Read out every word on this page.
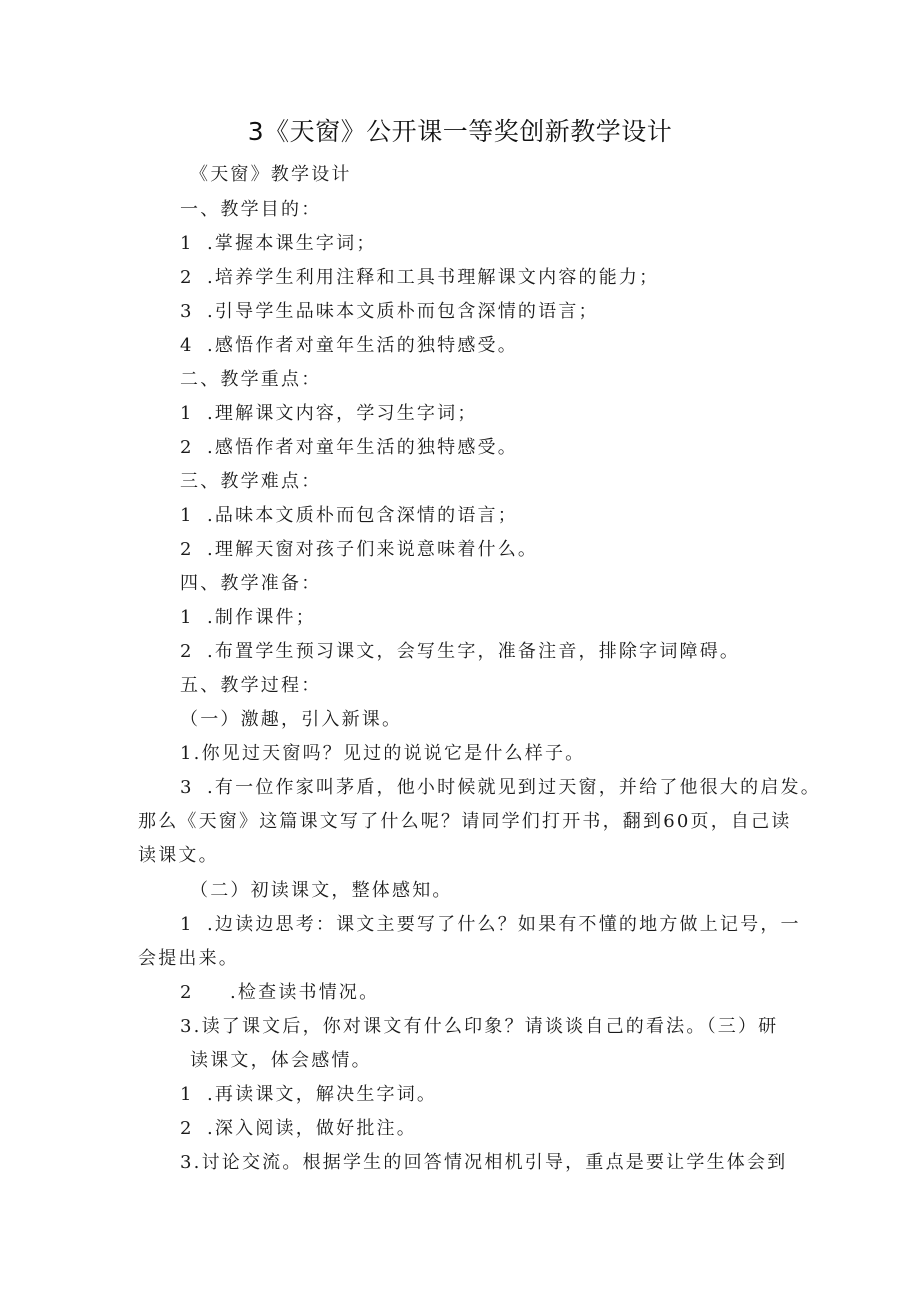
3《天窗》公开课一等奖创新教学设计
《天窗》教学设计
一、教学目的：
1 .掌握本课生字词；
2 .培养学生利用注释和工具书理解课文内容的能力；
3 .引导学生品味本文质朴而包含深情的语言；
4 .感悟作者对童年生活的独特感受。
二、教学重点：
1 .理解课文内容，学习生字词；
2 .感悟作者对童年生活的独特感受。
三、教学难点：
1 .品味本文质朴而包含深情的语言；
2 .理解天窗对孩子们来说意味着什么。
四、教学准备：
1 .制作课件；
2 .布置学生预习课文，会写生字，准备注音，排除字词障碍。
五、教学过程：
（一）激趣，引入新课。
1.你见过天窗吗？见过的说说它是什么样子。
3 .有一位作家叫茅盾，他小时候就见到过天窗，并给了他很大的启发。
那么《天窗》这篇课文写了什么呢？请同学们打开书，翻到60页，自己读
读课文。
（二）初读课文，整体感知。
1 .边读边思考：课文主要写了什么？如果有不懂的地方做上记号，一
会提出来。
2 .检查读书情况。
3.读了课文后，你对课文有什么印象？请谈谈自己的看法。（三）研
读课文，体会感情。
1 .再读课文，解决生字词。
2 .深入阅读，做好批注。
3.讨论交流。根据学生的回答情况相机引导，重点是要让学生体会到
